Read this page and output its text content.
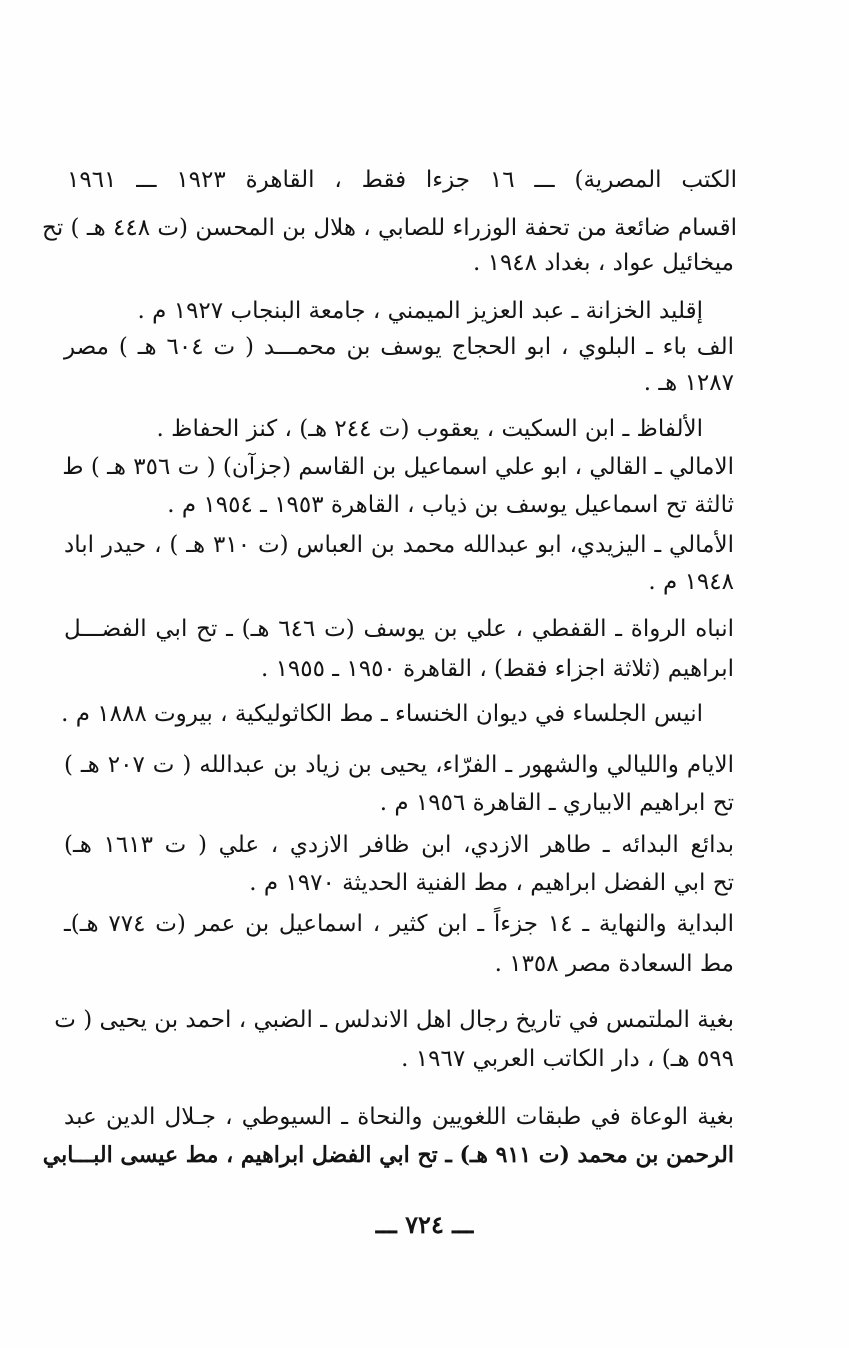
الكتب المصرية) ـــ ١٦ جزءا فقط ، القاهرة ١٩٢٣ ـــ ١٩٦١
اقسام ضائعة من تحفة الوزراء للصابي ، هلال بن المحسن (ت ٤٤٨ هـ ) تح
ميخائيل عواد ، بغداد ١٩٤٨ .
إقليد الخزانة ـ عبد العزيز الميمني ، جامعة البنجاب ١٩٢٧ م .
الف باء ـ البلوي ، ابو الحجاج يوسف بن محمـــد ( ت ٦٠٤ هـ ) مصر
١٢٨٧ هـ .
الألفاظ ـ ابن السكيت ، يعقوب (ت ٢٤٤ هـ) ، كنز الحفاظ .
الامالي ـ القالي ، ابو علي اسماعيل بن القاسم (جزآن) ( ت ٣٥٦ هـ ) ط
ثالثة تح اسماعيل يوسف بن ذياب ، القاهرة ١٩٥٣ ـ ١٩٥٤ م .
الأمالي ـ اليزيدي، ابو عبدالله محمد بن العباس (ت ٣١٠ هـ ) ، حيدر اباد
١٩٤٨ م .
انباه الرواة ـ القفطي ، علي بن يوسف (ت ٦٤٦ هـ) ـ تح ابي الفضـــل
ابراهيم (ثلاثة اجزاء فقط) ، القاهرة ١٩٥٠ ـ ١٩٥٥ .
انيس الجلساء في ديوان الخنساء ـ مط الكاثوليكية ، بيروت ١٨٨٨ م .
الايام والليالي والشهور ـ الفرّاء، يحيى بن زياد بن عبدالله ( ت ٢٠٧ هـ )
تح ابراهيم الابياري ـ القاهرة ١٩٥٦ م .
بدائع البدائه ـ طاهر الازدي، ابن ظافر الازدي ، علي ( ت ١٦١٣ هـ)
تح ابي الفضل ابراهيم ، مط الفنية الحديثة ١٩٧٠ م .
البداية والنهاية ـ ١٤ جزءاً ـ ابن كثير ، اسماعيل بن عمر (ت ٧٧٤ هـ)ـ
مط السعادة مصر ١٣٥٨ .
بغية الملتمس في تاريخ رجال اهل الاندلس ـ الضبي ، احمد بن يحيى ( ت
٥٩٩ هـ) ، دار الكاتب العربي ١٩٦٧ .
بغية الوعاة في طبقات اللغويين والنحاة ـ السيوطي ، جـلال الدين عبد
الرحمن بن محمد (ت ٩١١ هـ) ـ تح ابي الفضل ابراهيم ، مط عيسى البـــابي
ـــ ٧٢٤ ـــ
